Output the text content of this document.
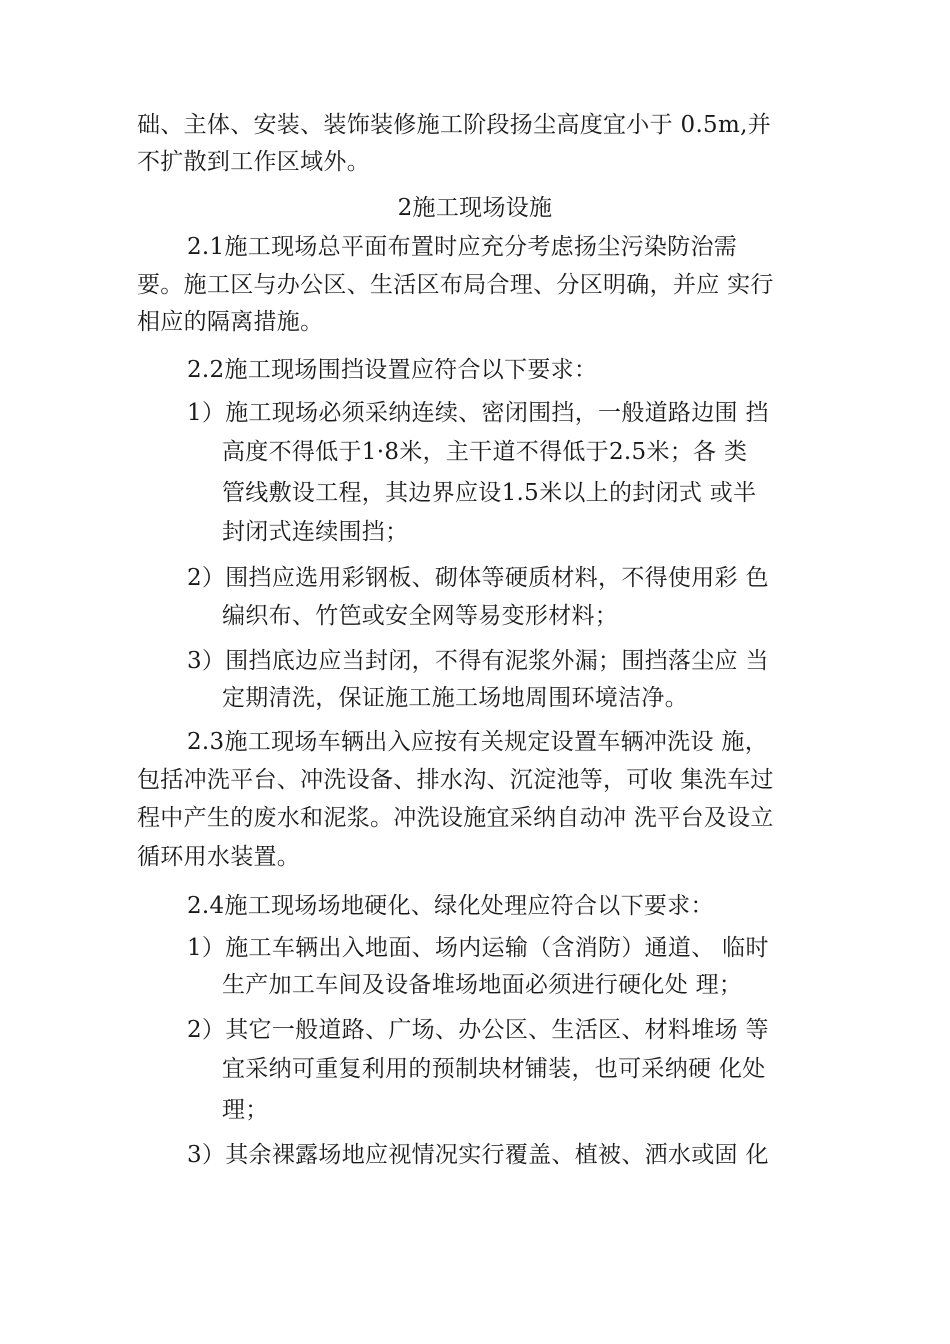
础、主体、安装、装饰装修施工阶段扬尘高度宜小于 0.5m,并
不扩散到工作区域外。
2施工现场设施
2.1施工现场总平面布置时应充分考虑扬尘污染防治需
要。施工区与办公区、生活区布局合理、分区明确，并应 实行
相应的隔离措施。
2.2施工现场围挡设置应符合以下要求：
1）施工现场必须采纳连续、密闭围挡，一般道路边围 挡
高度不得低于1·8米，主干道不得低于2.5米；各 类
管线敷设工程，其边界应设1.5米以上的封闭式 或半
封闭式连续围挡；
2）围挡应选用彩钢板、砌体等硬质材料，不得使用彩 色
编织布、竹笆或安全网等易变形材料；
3）围挡底边应当封闭，不得有泥浆外漏；围挡落尘应 当
定期清洗，保证施工施工场地周围环境洁净。
2.3施工现场车辆出入应按有关规定设置车辆冲洗设 施，
包括冲洗平台、冲洗设备、排水沟、沉淀池等，可收 集洗车过
程中产生的废水和泥浆。冲洗设施宜采纳自动冲 洗平台及设立
循环用水装置。
2.4施工现场场地硬化、绿化处理应符合以下要求：
1）施工车辆出入地面、场内运输（含消防）通道、 临时
生产加工车间及设备堆场地面必须进行硬化处 理；
2）其它一般道路、广场、办公区、生活区、材料堆场 等
宜采纳可重复利用的预制块材铺装，也可采纳硬 化处
理；
3）其余裸露场地应视情况实行覆盖、植被、洒水或固 化
